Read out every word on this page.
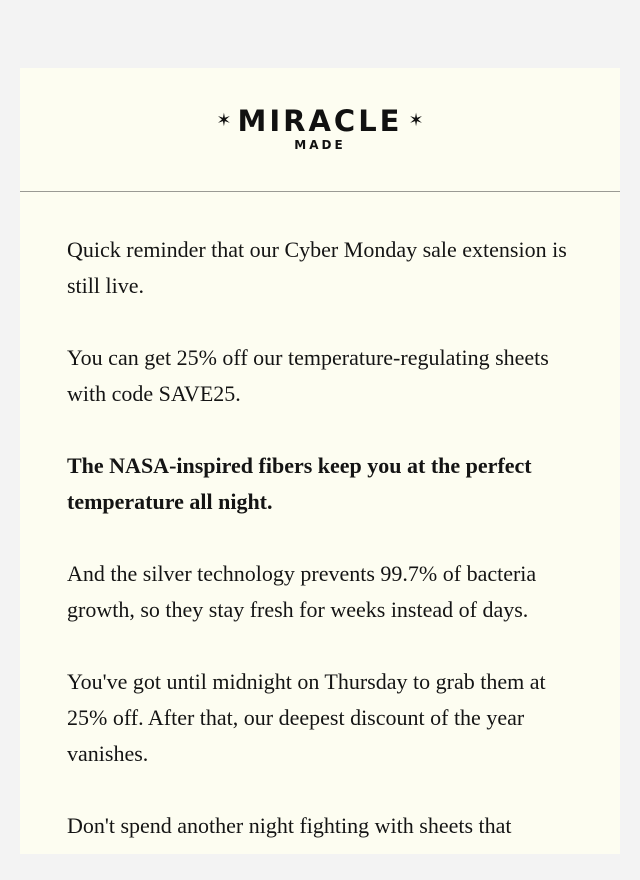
✶ MIRACLE ✶
MADE

Quick reminder that our Cyber Monday sale extension is still live.

You can get 25% off our temperature-regulating sheets with code SAVE25.

The NASA-inspired fibers keep you at the perfect temperature all night.

And the silver technology prevents 99.7% of bacteria growth, so they stay fresh for weeks instead of days.

You've got until midnight on Thursday to grab them at 25% off. After that, our deepest discount of the year vanishes.

Don't spend another night fighting with sheets that
